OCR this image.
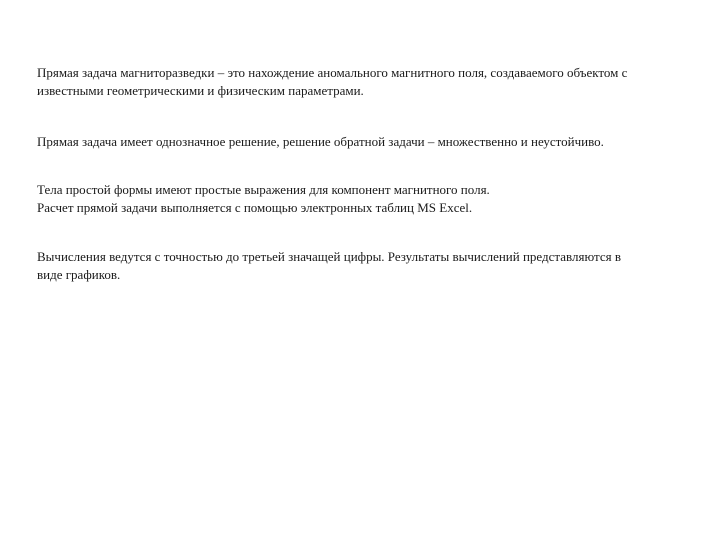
Прямая задача магниторазведки – это нахождение аномального магнитного поля, создаваемого объектом с
известными геометрическими и физическим параметрами.

Прямая задача имеет однозначное решение, решение обратной задачи – множественно и неустойчиво.

Тела простой формы имеют простые выражения для компонент магнитного поля.
Расчет прямой задачи выполняется с помощью электронных таблиц MS Excel.

Вычисления ведутся с точностью до третьей значащей цифры. Результаты вычислений представляются в
виде графиков.
